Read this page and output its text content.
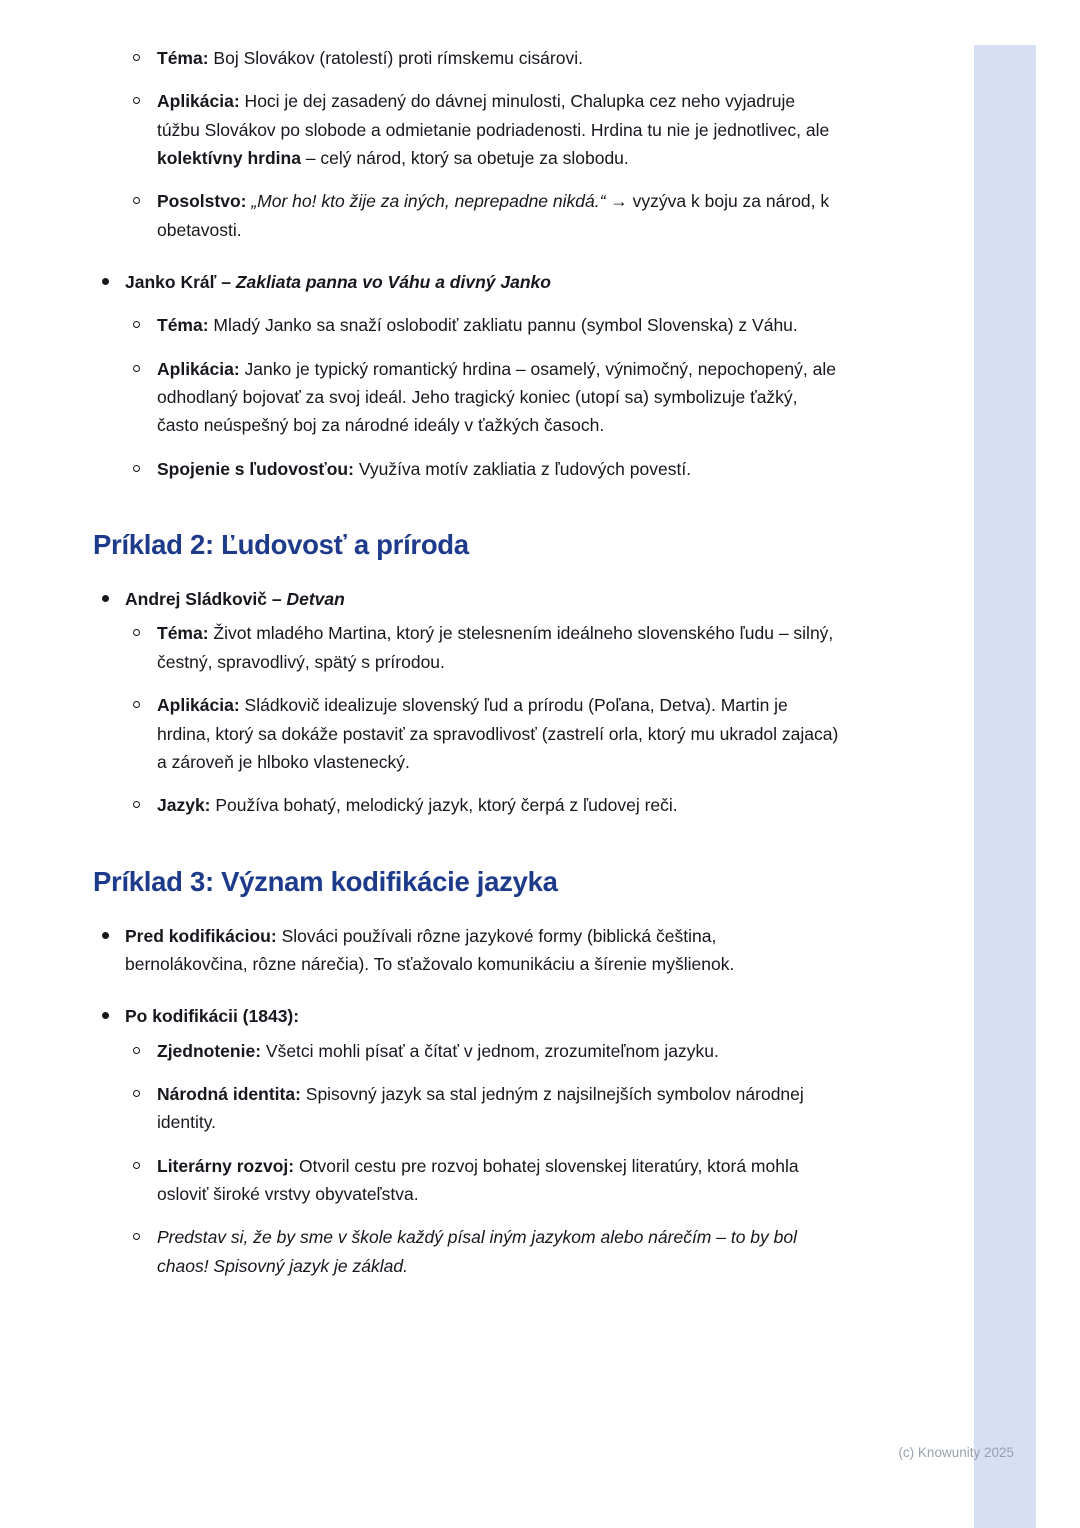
Téma: Boj Slovákov (ratolestí) proti rímskemu cisárovi.
Aplikácia: Hoci je dej zasadený do dávnej minulosti, Chalupka cez neho vyjadruje túžbu Slovákov po slobode a odmietanie podriadenosti. Hrdina tu nie je jednotlivec, ale kolektívny hrdina – celý národ, ktorý sa obetuje za slobodu.
Posolstvo: „Mor ho! kto žije za iných, neprepadne nikdá.“ → vyzýva k boju za národ, k obetavosti.
Janko Kráľ – Zakliata panna vo Váhu a divný Janko
Téma: Mladý Janko sa snaží oslobodiť zakliatu pannu (symbol Slovenska) z Váhu.
Aplikácia: Janko je typický romantický hrdina – osamelý, výnimočný, nepochopený, ale odhodlaný bojovať za svoj ideál. Jeho tragický koniec (utopí sa) symbolizuje ťažký, často neúspešný boj za národné ideály v ťažkých časoch.
Spojenie s ľudovosťou: Využíva motív zakliatia z ľudových povestí.
Príklad 2: Ľudovosť a príroda
Andrej Sládkovič – Detvan
Téma: Život mladého Martina, ktorý je stelesnením ideálneho slovenského ľudu – silný, čestný, spravodlivý, spätý s prírodou.
Aplikácia: Sládkovič idealizuje slovenský ľud a prírodu (Poľana, Detva). Martin je hrdina, ktorý sa dokáže postaviť za spravodlivosť (zastrelí orla, ktorý mu ukradol zajaca) a zároveň je hlboko vlastenecký.
Jazyk: Používa bohatý, melodický jazyk, ktorý čerpá z ľudovej reči.
Príklad 3: Význam kodifikácie jazyka
Pred kodifikáciou: Slováci používali rôzne jazykové formy (biblická čeština, bernolákovčina, rôzne nárečia). To sťažovalo komunikáciu a šírenie myšlienok.
Po kodifikácii (1843):
Zjednotenie: Všetci mohli písať a čítať v jednom, zrozumiteľnom jazyku.
Národná identita: Spisovný jazyk sa stal jedným z najsilnejších symbolov národnej identity.
Literárny rozvoj: Otvoril cestu pre rozvoj bohatej slovenskej literatúry, ktorá mohla osloviť široké vrstvy obyvateľstva.
Predstav si, že by sme v škole každý písal iným jazykom alebo nárečím – to by bol chaos! Spisovný jazyk je základ.
(c) Knowunity 2025
